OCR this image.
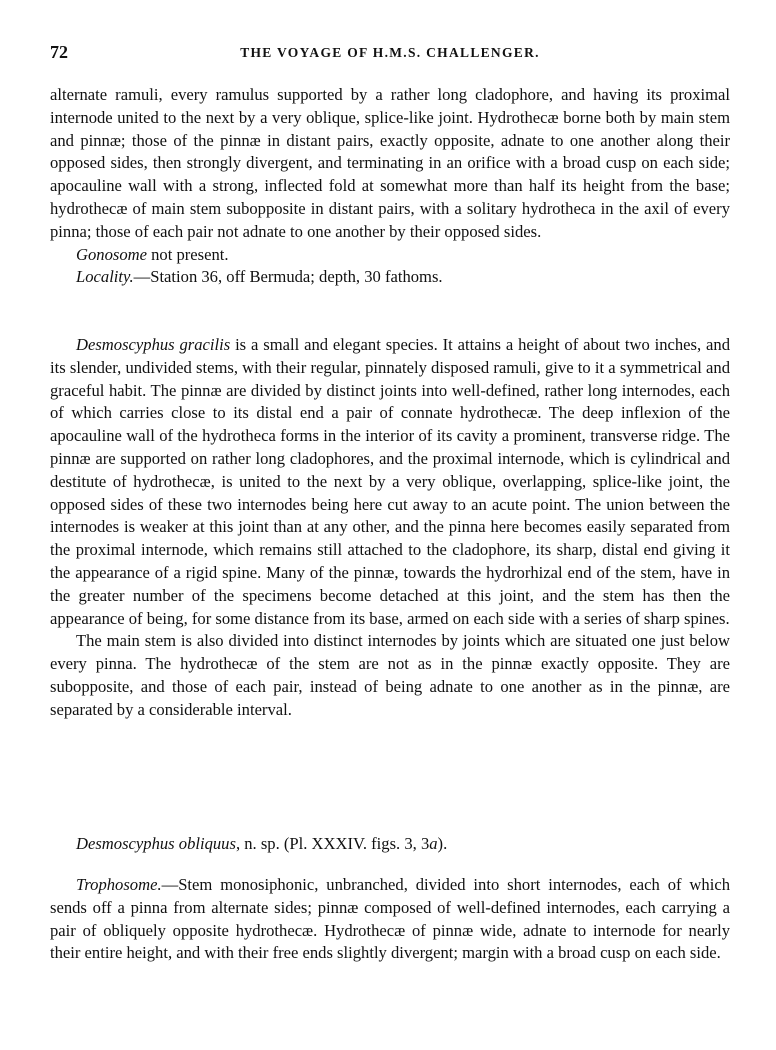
72	THE VOYAGE OF H.M.S. CHALLENGER.

alternate ramuli, every ramulus supported by a rather long cladophore, and having its proximal internode united to the next by a very oblique, splice-like joint. Hydrothecæ borne both by main stem and pinnæ; those of the pinnæ in distant pairs, exactly opposite, adnate to one another along their opposed sides, then strongly divergent, and terminating in an orifice with a broad cusp on each side; apocauline wall with a strong, inflected fold at somewhat more than half its height from the base; hydrothecæ of main stem subopposite in distant pairs, with a solitary hydrotheca in the axil of every pinna; those of each pair not adnate to one another by their opposed sides.

Gonosome not present.

Locality.—Station 36, off Bermuda; depth, 30 fathoms.

Desmoscyphus gracilis is a small and elegant species. It attains a height of about two inches, and its slender, undivided stems, with their regular, pinnately disposed ramuli, give to it a symmetrical and graceful habit. The pinnæ are divided by distinct joints into well-defined, rather long internodes, each of which carries close to its distal end a pair of connate hydrothecæ. The deep inflexion of the apocauline wall of the hydrotheca forms in the interior of its cavity a prominent, transverse ridge. The pinnæ are supported on rather long cladophores, and the proximal internode, which is cylindrical and destitute of hydrothecæ, is united to the next by a very oblique, overlapping, splice-like joint, the opposed sides of these two internodes being here cut away to an acute point. The union between the internodes is weaker at this joint than at any other, and the pinna here becomes easily separated from the proximal internode, which remains still attached to the cladophore, its sharp, distal end giving it the appearance of a rigid spine. Many of the pinnæ, towards the hydrorhizal end of the stem, have in the greater number of the specimens become detached at this joint, and the stem has then the appearance of being, for some distance from its base, armed on each side with a series of sharp spines.

The main stem is also divided into distinct internodes by joints which are situated one just below every pinna. The hydrothecæ of the stem are not as in the pinnæ exactly opposite. They are subopposite, and those of each pair, instead of being adnate to one another as in the pinnæ, are separated by a considerable interval.

Desmoscyphus obliquus, n. sp. (Pl. XXXIV. figs. 3, 3a).

Trophosome.—Stem monosiphonic, unbranched, divided into short internodes, each of which sends off a pinna from alternate sides; pinnæ composed of well-defined internodes, each carrying a pair of obliquely opposite hydrothecæ. Hydrothecæ of pinnæ wide, adnate to internode for nearly their entire height, and with their free ends slightly divergent; margin with a broad cusp on each side.
